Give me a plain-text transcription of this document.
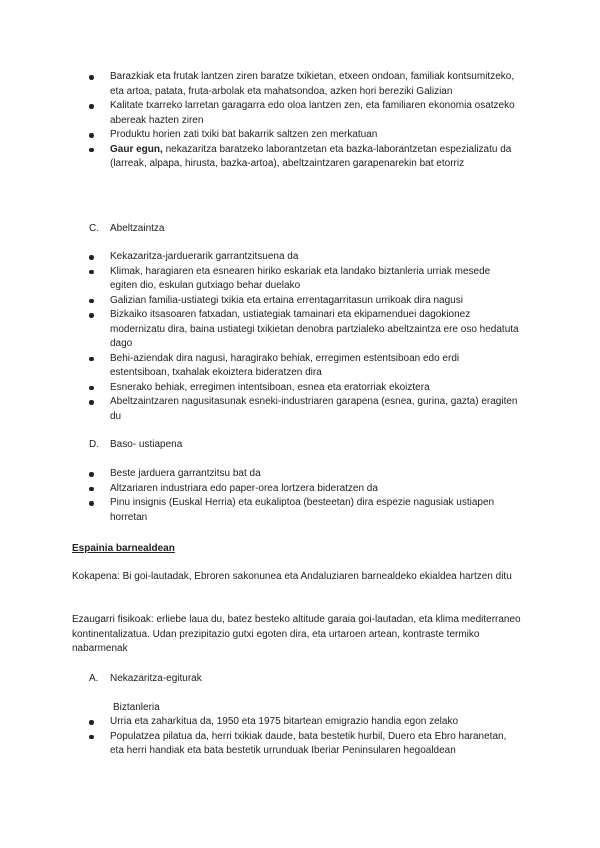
Barazkiak eta frutak lantzen ziren baratze txikietan, etxeen ondoan, familiak kontsumitzeko, eta artoa, patata, fruta-arbolak eta mahatsondoa, azken hori bereziki Galizian
Kalitate txarreko larretan garagarra edo oloa lantzen zen, eta familiaren ekonomia osatzeko abereak hazten ziren
Produktu horien zati txiki bat bakarrik saltzen zen merkatuan
Gaur egun, nekazaritza baratzeko laborantzetan eta bazka-laborantzetan espezializatu da (larreak, alpapa, hirusta, bazka-artoa), abeltzaintzaren garapenarekin bat etorriz
C. Abeltzaintza
Kekazaritza-jarduerarik garrantzitsuena da
Klimak, haragiaren eta esnearen hiriko eskariak eta landako biztanleria urriak mesede egiten dio, eskulan gutxiago behar duelako
Galizian familia-ustiategi txikia eta ertaina errentagarritasun urrikoak dira nagusi
Bizkaiko itsasoaren fatxadan, ustiategiak tamainari eta ekipamenduei dagokionez modernizatu dira, baina ustiategi txikietan denobra partzialeko abeltzaintza ere oso hedatuta dago
Behi-aziendak dira nagusi, haragirako behiak, erregimen estentsiboan edo erdi estentsiboan, txahalak ekoiztera bideratzen dira
Esnerako behiak, erregimen intentsiboan, esnea eta eratorriak ekoiztera
Abeltzaintzaren nagusitasunak esneki-industriaren garapena (esnea, gurina, gazta) eragiten du
D. Baso- ustiapena
Beste jarduera garrantzitsu bat da
Altzariaren industriara edo paper-orea lortzera bideratzen da
Pinu insignis (Euskal Herria) eta eukaliptoa (besteetan) dira espezie nagusiak ustiapen horretan

Espainia barnealdean

Kokapena: Bi goi-lautadak, Ebroren sakonunea eta Andaluziaren barnealdeko ekialdea hartzen ditu

Ezaugarri fisikoak: erliebe laua du, batez besteko altitude garaia goi-lautadan, eta klima mediterraneo kontinentalizatua. Udan prezipitazio gutxi egoten dira, eta urtaroen artean, kontraste termiko nabarmenak

A. Nekazaritza-egiturak

Biztanleria

Urria eta zaharkitua da, 1950 eta 1975 bitartean emigrazio handia egon zelako
Populatzea pilatua da, herri txikiak daude, bata bestetik hurbil, Duero eta Ebro haranetan, eta herri handiak eta bata bestetik urrunduak Iberiar Peninsularen hegoaldean
